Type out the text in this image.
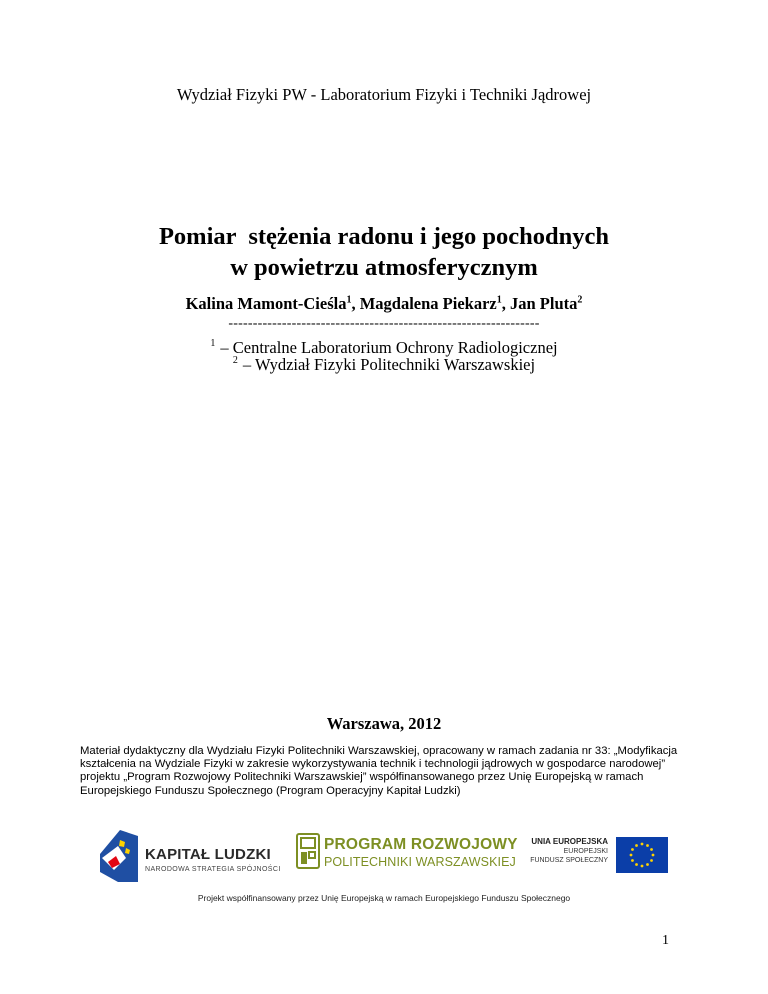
Wydział Fizyki PW - Laboratorium Fizyki i Techniki Jądrowej
Pomiar  stężenia radonu i jego pochodnych
w powietrzu atmosferycznym
Kalina Mamont-Cieśla$^1$, Magdalena Piekarz$^1$, Jan Pluta$^2$
----------------------------------------------------------------
$^1$ – Centralne Laboratorium Ochrony Radiologicznej
$^2$ – Wydział Fizyki Politechniki Warszawskiej
Warszawa, 2012
Materiał dydaktyczny dla Wydziału Fizyki Politechniki Warszawskiej, opracowany w ramach zadania nr 33: „Modyfikacja kształcenia na Wydziale Fizyki w zakresie wykorzystywania technik i technologii jądrowych w gospodarce narodowej” projektu „Program Rozwojowy Politechniki Warszawskiej” współfinansowanego przez Unię Europejską w ramach Europejskiego Funduszu Społecznego (Program Operacyjny Kapitał Ludzki)
KAPITAŁ LUDZKI
NARODOWA STRATEGIA SPÓJNOŚCI
PROGRAM ROZWOJOWY
POLITECHNIKI WARSZAWSKIEJ
UNIA EUROPEJSKA
EUROPEJSKI
FUNDUSZ SPOŁECZNY
Projekt współfinansowany przez Unię Europejską w ramach Europejskiego Funduszu Społecznego
1
